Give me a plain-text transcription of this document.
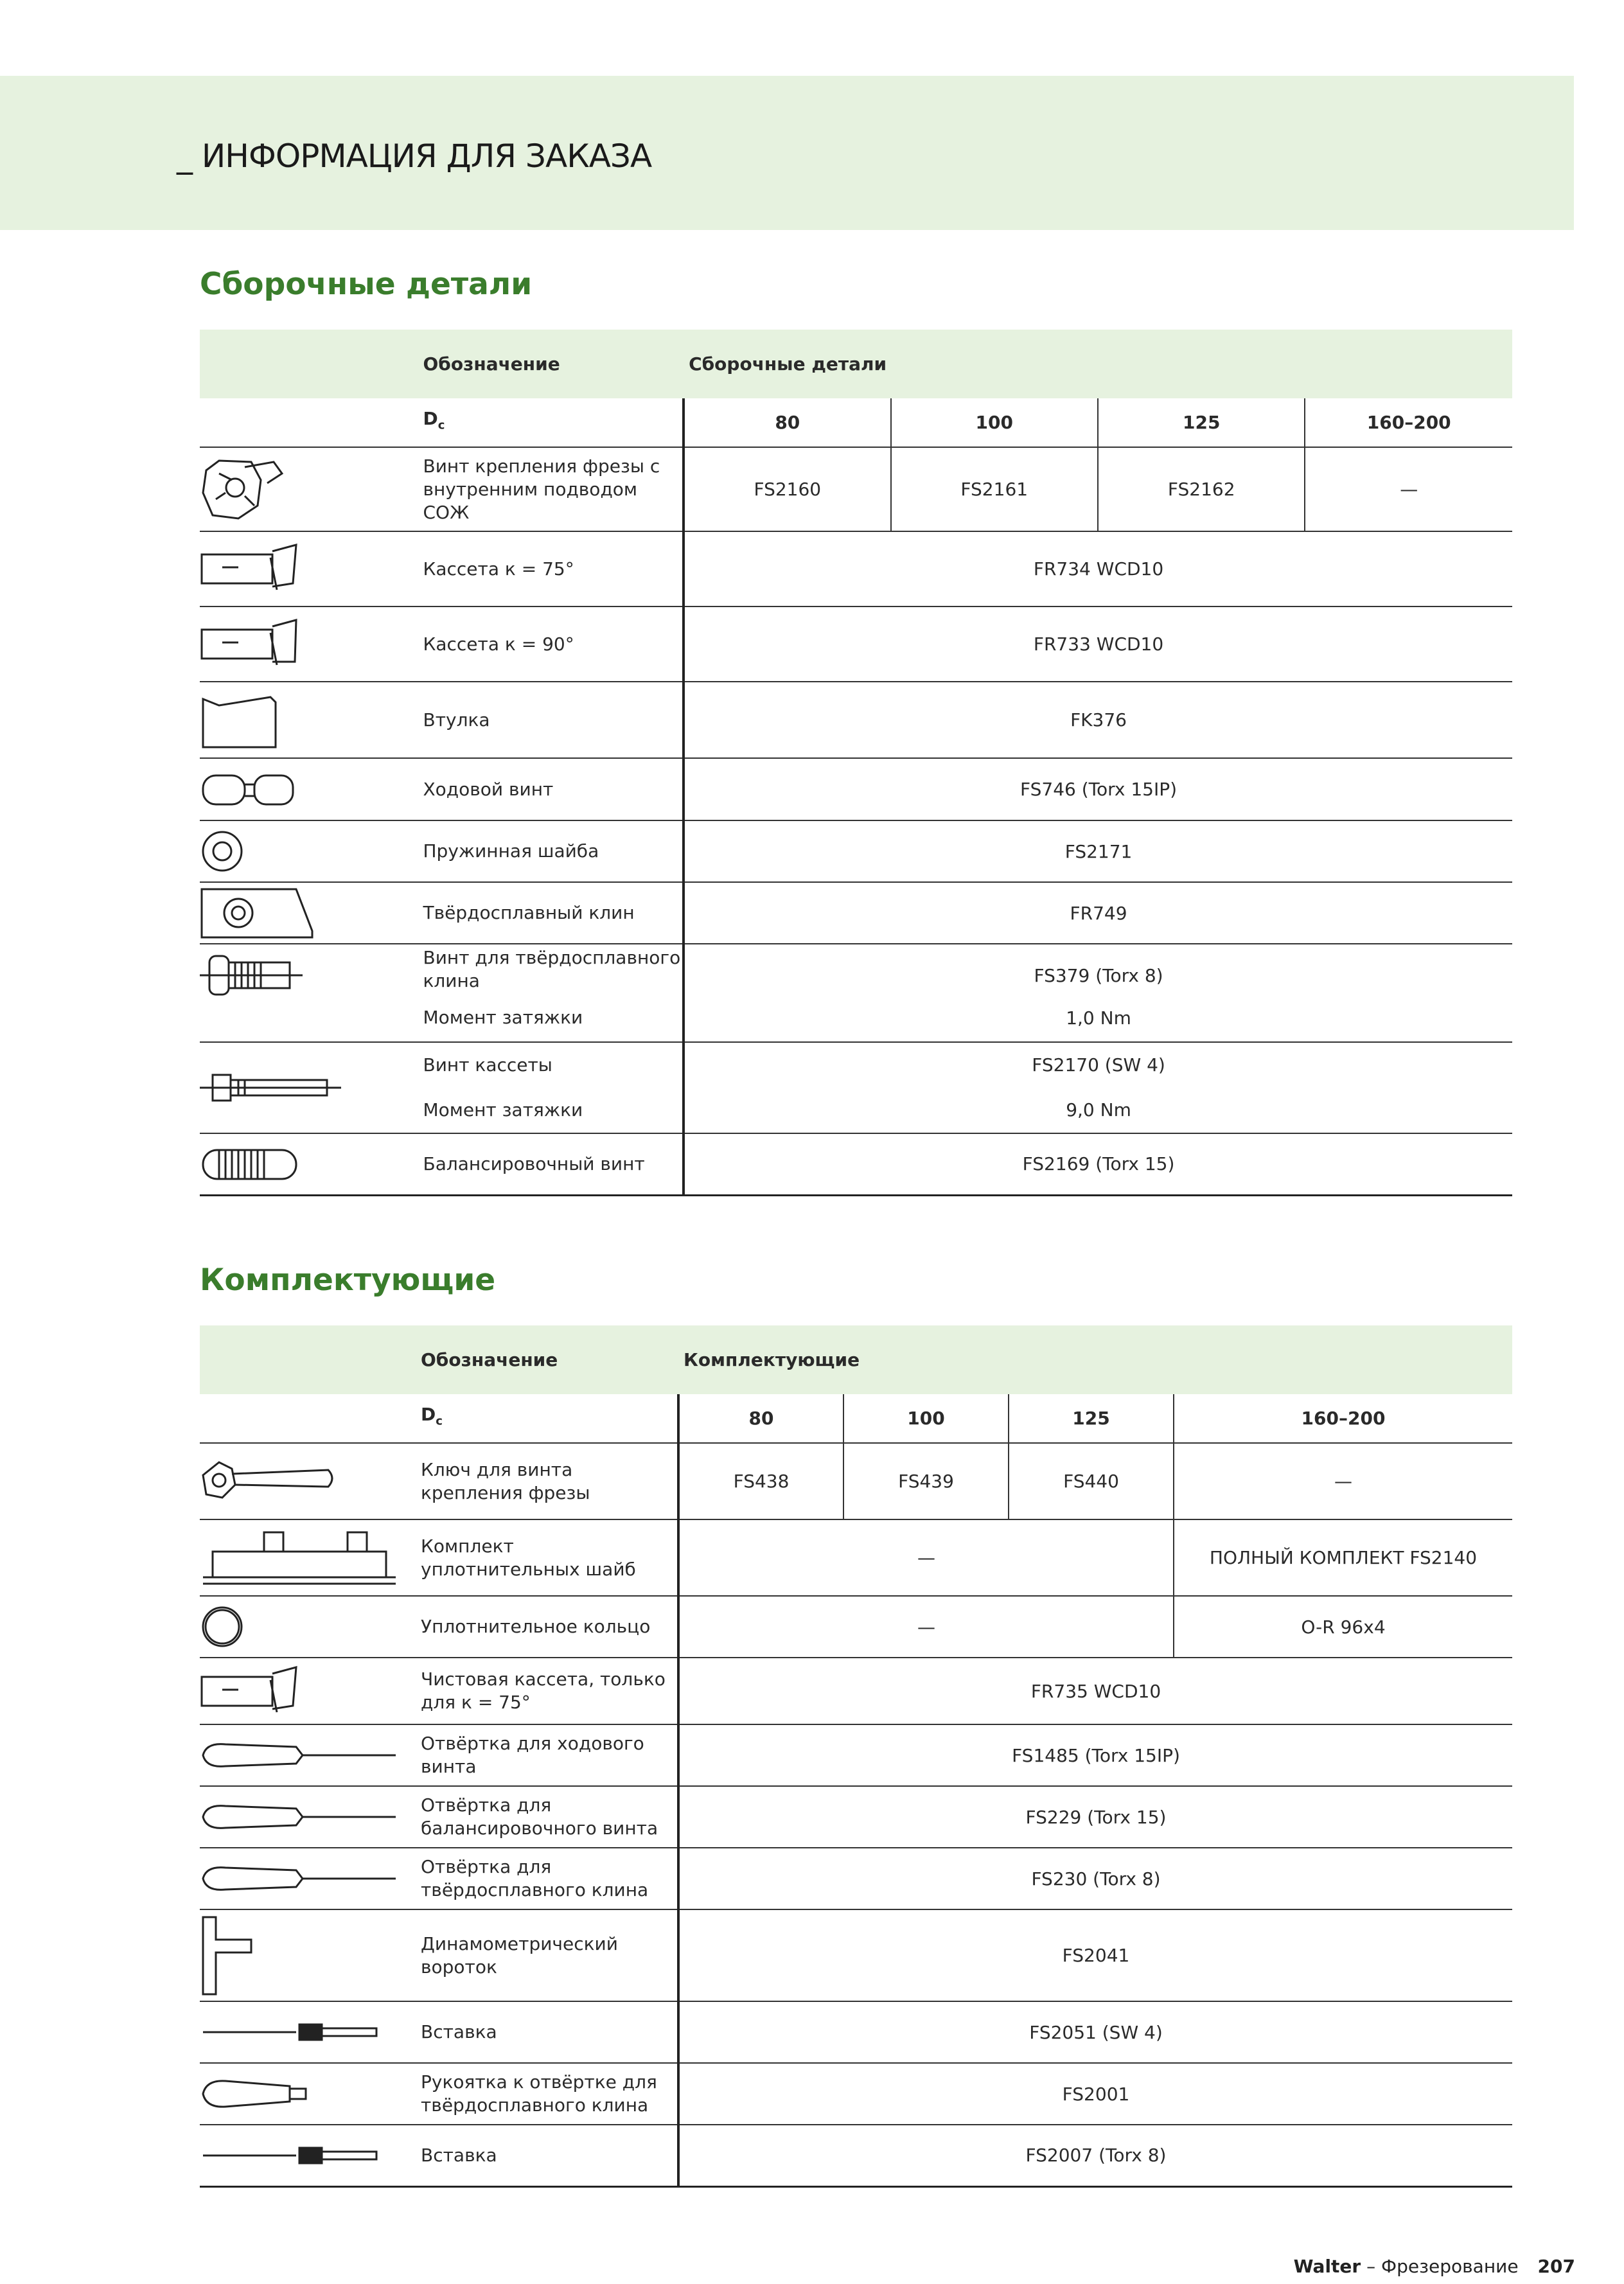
_ ИНФОРМАЦИЯ ДЛЯ ЗАКАЗА
Сборочные детали
	Обозначение	Сборочные детали			
	$D_c$	80	100	125	160–200

	Винт крепления фрезы с внутренним подводом СОЖ	FS2160	FS2161	FS2162	—

	Кассета к = 75°	FR734 WCD10			

	Кассета к = 90°	FR733 WCD10			

	Втулка	FK376			

	Ходовой винт	FS746 (Torx 15IP)			

	Пружинная шайба	FS2171			

	Твёрдосплавный клин	FR749			

	Винт для твёрдосплавного клина	FS379 (Torx 8)			
	Момент затяжки	1,0 Nm			

	Винт кассеты	FS2170 (SW 4)			
	Момент затяжки	9,0 Nm			

	Балансировочный винт	FS2169 (Torx 15)			
Комплектующие
	Обозначение	Комплектующие			
	$D_c$	80	100	125	160–200

	Ключ для винта крепления фрезы	FS438	FS439	FS440	—

	Комплект уплотнительных шайб	—			ПОЛНЫЙ КОМПЛЕКТ FS2140

	Уплотнительное кольцо	—			O-R 96x4

	Чистовая кассета, только для к = 75°	FR735 WCD10			

	Отвёртка для ходового винта	FS1485 (Torx 15IP)			

	Отвёртка для балансировочного винта	FS229 (Torx 15)			

	Отвёртка для твёрдосплавного клина	FS230 (Torx 8)			

	Динамометрический вороток	FS2041			

	Вставка	FS2051 (SW 4)			

	Рукоятка к отвёртке для твёрдосплавного клина	FS2001			

	Вставка	FS2007 (Torx 8)			
Walter – Фрезерование 207
